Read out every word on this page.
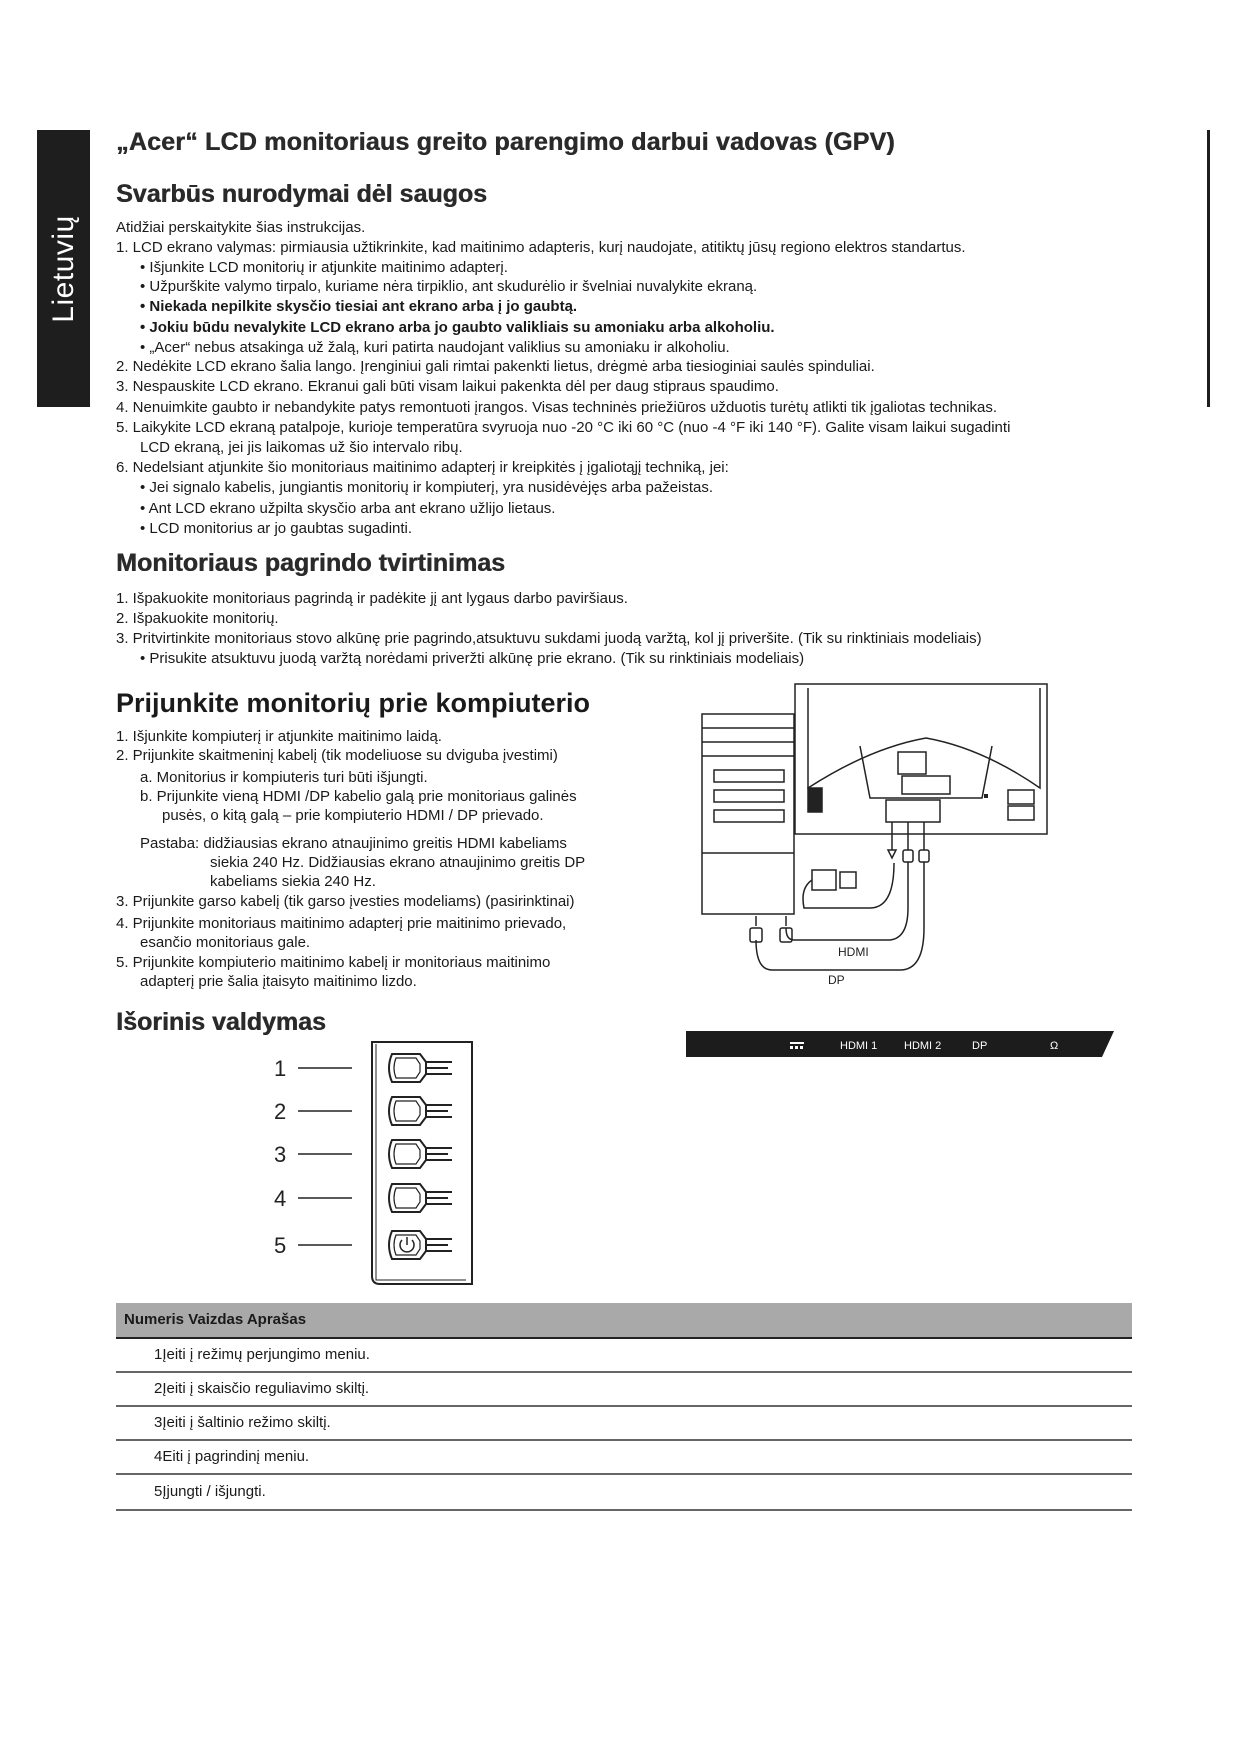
Lietuvių
„Acer“ LCD monitoriaus greito parengimo darbui vadovas (GPV)
Svarbūs nurodymai dėl saugos
Atidžiai perskaitykite šias instrukcijas.
1. LCD ekrano valymas: pirmiausia užtikrinkite, kad maitinimo adapteris, kurį naudojate, atitiktų jūsų regiono elektros standartus.
• Išjunkite LCD monitorių ir atjunkite maitinimo adapterį.
• Užpurškite valymo tirpalo, kuriame nėra tirpiklio, ant skudurėlio ir švelniai nuvalykite ekraną.
• Niekada nepilkite skysčio tiesiai ant ekrano arba į jo gaubtą.
• Jokiu būdu nevalykite LCD ekrano arba jo gaubto valikliais su amoniaku arba alkoholiu.
• „Acer“ nebus atsakinga už žalą, kuri patirta naudojant valiklius su amoniaku ir alkoholiu.
2. Nedėkite LCD ekrano šalia lango. Įrenginiui gali rimtai pakenkti lietus, drėgmė arba tiesioginiai saulės spinduliai.
3. Nespauskite LCD ekrano. Ekranui gali būti visam laikui pakenkta dėl per daug stipraus spaudimo.
4. Nenuimkite gaubto ir nebandykite patys remontuoti įrangos. Visas techninės priežiūros užduotis turėtų atlikti tik įgaliotas technikas.
5. Laikykite LCD ekraną patalpoje, kurioje temperatūra svyruoja nuo -20 °C iki 60 °C (nuo -4 °F iki 140 °F). Galite visam laikui sugadinti
LCD ekraną, jei jis laikomas už šio intervalo ribų.
6. Nedelsiant atjunkite šio monitoriaus maitinimo adapterį ir kreipkitės į įgaliotąjį techniką, jei:
• Jei signalo kabelis, jungiantis monitorių ir kompiuterį, yra nusidėvėjęs arba pažeistas.
• Ant LCD ekrano užpilta skysčio arba ant ekrano užlijo lietaus.
• LCD monitorius ar jo gaubtas sugadinti.
Monitoriaus pagrindo tvirtinimas
1. Išpakuokite monitoriaus pagrindą ir padėkite jį ant lygaus darbo paviršiaus.
2. Išpakuokite monitorių.
3. Pritvirtinkite monitoriaus stovo alkūnę prie pagrindo,atsuktuvu sukdami juodą varžtą, kol jį priveršite. (Tik su rinktiniais modeliais)
• Prisukite atsuktuvu juodą varžtą norėdami priveržti alkūnę prie ekrano. (Tik su rinktiniais modeliais)
Prijunkite monitorių prie kompiuterio
1. Išjunkite kompiuterį ir atjunkite maitinimo laidą.
2. Prijunkite skaitmeninį kabelį (tik modeliuose su dviguba įvestimi)
a. Monitorius ir kompiuteris turi būti išjungti.
b. Prijunkite vieną HDMI /DP kabelio galą prie monitoriaus galinės
pusės, o kitą galą – prie kompiuterio HDMI / DP prievado.
Pastaba: didžiausias ekrano atnaujinimo greitis HDMI kabeliams
siekia 240 Hz. Didžiausias ekrano atnaujinimo greitis DP
kabeliams siekia 240 Hz.
3. Prijunkite garso kabelį (tik garso įvesties modeliams) (pasirinktinai)
4. Prijunkite monitoriaus maitinimo adapterį prie maitinimo prievado,
esančio monitoriaus gale.
5. Prijunkite kompiuterio maitinimo kabelį ir monitoriaus maitinimo
adapterį prie šalia įtaisyto maitinimo lizdo.
HDMI
DP
HDMI 1 HDMI 2	DP	Ω
Išorinis valdymas
1
2
3
4
5
Numeris Vaizdas Aprašas
1Įeiti į režimų perjungimo meniu.
2Įeiti į skaisčio reguliavimo skiltį.
3Įeiti į šaltinio režimo skiltį.
4Eiti į pagrindinį meniu.
5Įjungti / išjungti.
